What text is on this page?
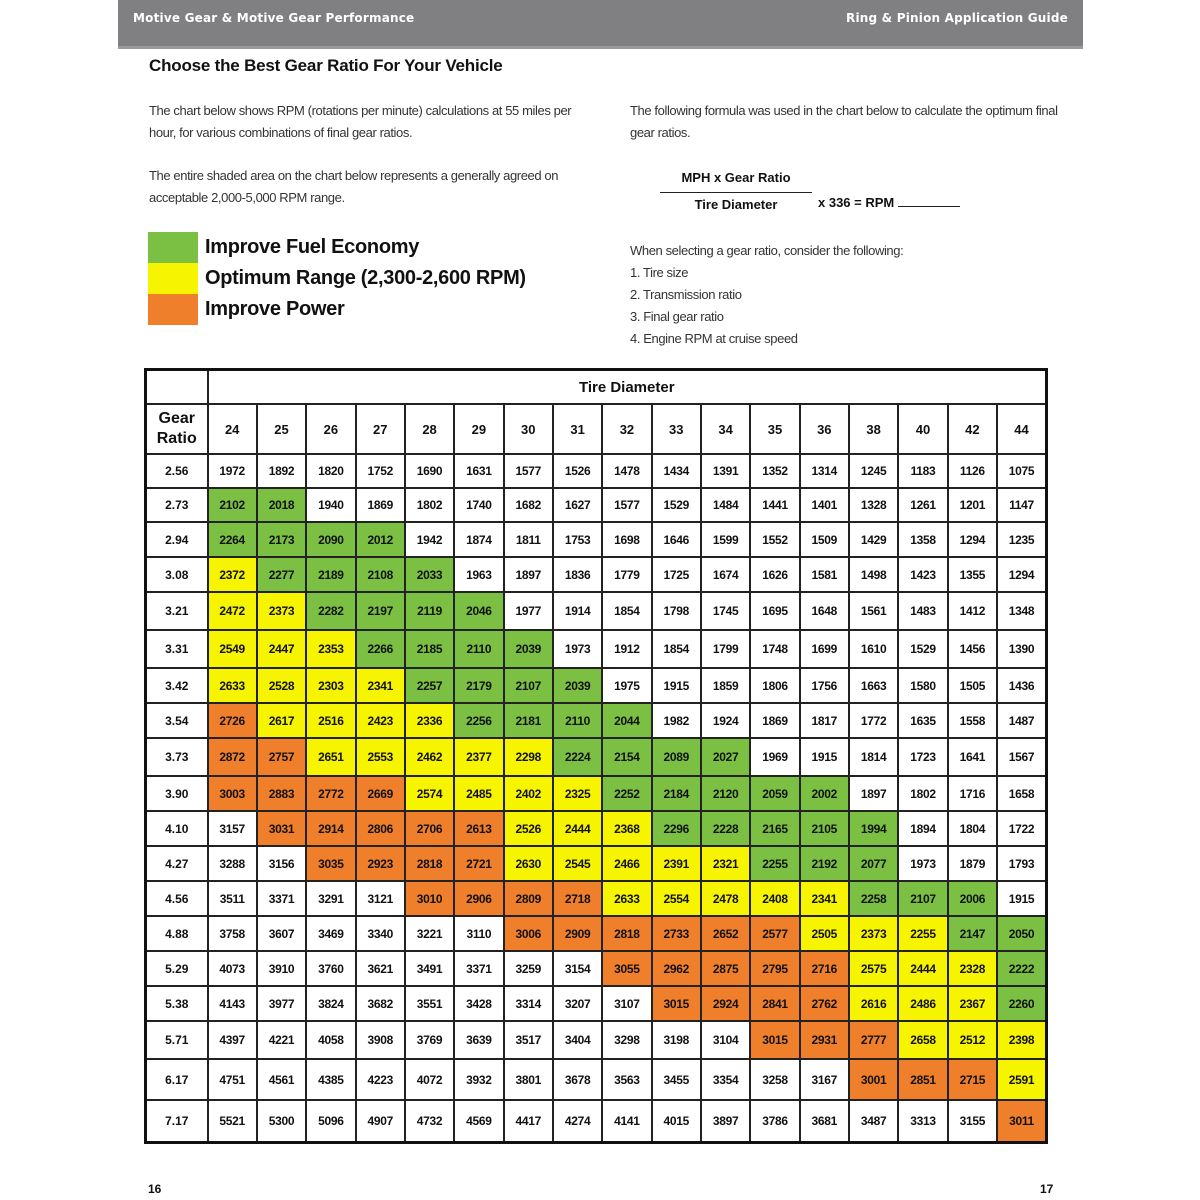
Motive Gear & Motive Gear Performance	Ring & Pinion Application Guide
Choose the Best Gear Ratio For Your Vehicle
The chart below shows RPM (rotations per minute) calculations at 55 miles per hour, for various combinations of final gear ratios.
The entire shaded area on the chart below represents a generally agreed on acceptable 2,000-5,000 RPM range.
The following formula was used in the chart below to calculate the optimum final gear ratios.
MPH x Gear Ratio
Tire Diameter	x 336 = RPM
When selecting a gear ratio, consider the following:
1. Tire size
2. Transmission ratio
3. Final gear ratio
4. Engine RPM at cruise speed
Improve Fuel Economy
Optimum Range (2,300-2,600 RPM)
Improve Power
	Tire Diameter																
Gear Ratio	24	25	26	27	28	29	30	31	32	33	34	35	36	38	40	42	44
2.56	1972	1892	1820	1752	1690	1631	1577	1526	1478	1434	1391	1352	1314	1245	1183	1126	1075
2.73	2102	2018	1940	1869	1802	1740	1682	1627	1577	1529	1484	1441	1401	1328	1261	1201	1147
2.94	2264	2173	2090	2012	1942	1874	1811	1753	1698	1646	1599	1552	1509	1429	1358	1294	1235
3.08	2372	2277	2189	2108	2033	1963	1897	1836	1779	1725	1674	1626	1581	1498	1423	1355	1294
3.21	2472	2373	2282	2197	2119	2046	1977	1914	1854	1798	1745	1695	1648	1561	1483	1412	1348
3.31	2549	2447	2353	2266	2185	2110	2039	1973	1912	1854	1799	1748	1699	1610	1529	1456	1390
3.42	2633	2528	2303	2341	2257	2179	2107	2039	1975	1915	1859	1806	1756	1663	1580	1505	1436
3.54	2726	2617	2516	2423	2336	2256	2181	2110	2044	1982	1924	1869	1817	1772	1635	1558	1487
3.73	2872	2757	2651	2553	2462	2377	2298	2224	2154	2089	2027	1969	1915	1814	1723	1641	1567
3.90	3003	2883	2772	2669	2574	2485	2402	2325	2252	2184	2120	2059	2002	1897	1802	1716	1658
4.10	3157	3031	2914	2806	2706	2613	2526	2444	2368	2296	2228	2165	2105	1994	1894	1804	1722
4.27	3288	3156	3035	2923	2818	2721	2630	2545	2466	2391	2321	2255	2192	2077	1973	1879	1793
4.56	3511	3371	3291	3121	3010	2906	2809	2718	2633	2554	2478	2408	2341	2258	2107	2006	1915
4.88	3758	3607	3469	3340	3221	3110	3006	2909	2818	2733	2652	2577	2505	2373	2255	2147	2050
5.29	4073	3910	3760	3621	3491	3371	3259	3154	3055	2962	2875	2795	2716	2575	2444	2328	2222
5.38	4143	3977	3824	3682	3551	3428	3314	3207	3107	3015	2924	2841	2762	2616	2486	2367	2260
5.71	4397	4221	4058	3908	3769	3639	3517	3404	3298	3198	3104	3015	2931	2777	2658	2512	2398
6.17	4751	4561	4385	4223	4072	3932	3801	3678	3563	3455	3354	3258	3167	3001	2851	2715	2591
7.17	5521	5300	5096	4907	4732	4569	4417	4274	4141	4015	3897	3786	3681	3487	3313	3155	3011
16	17
